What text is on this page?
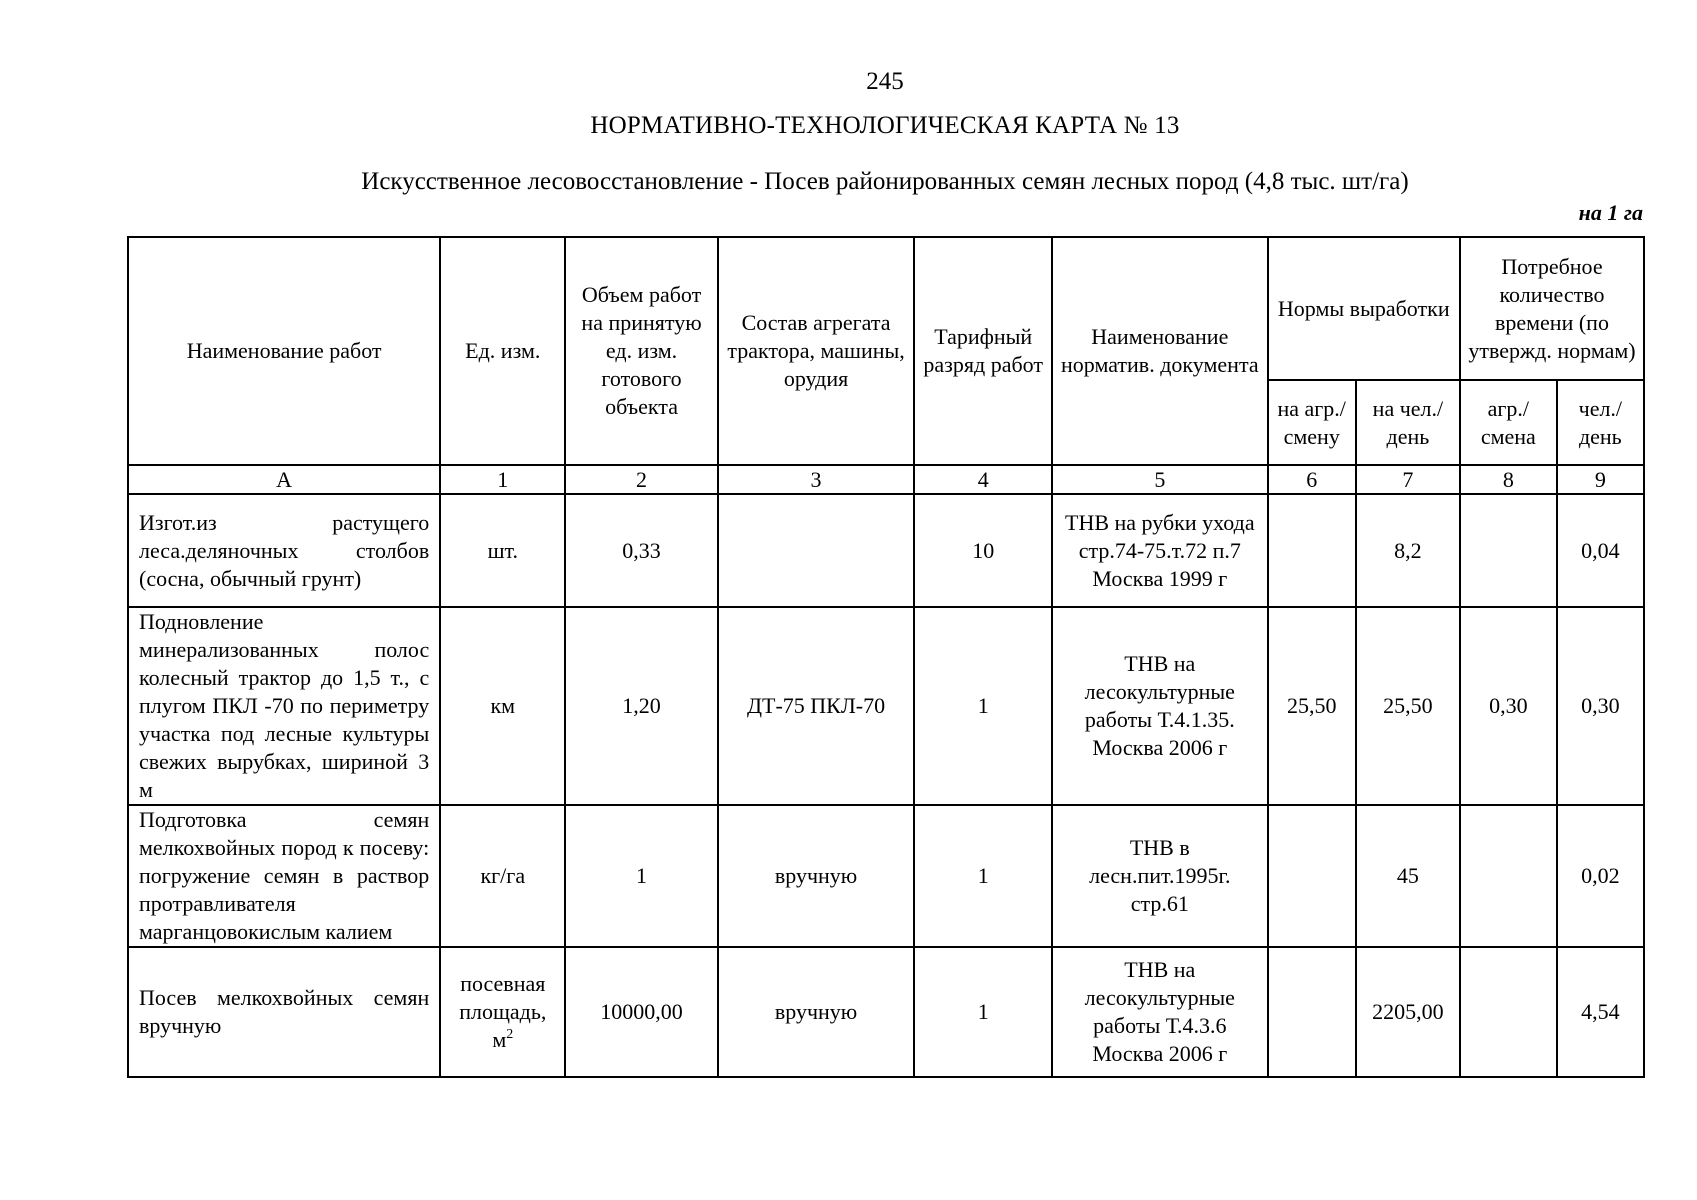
245
НОРМАТИВНО-ТЕХНОЛОГИЧЕСКАЯ КАРТА № 13
Искусственное лесовосстановление - Посев районированных семян лесных пород (4,8 тыс. шт/га)
на 1 га
Наименование работ	Ед. изм.	Объем работ на принятую ед. изм. готового объекта	Состав агрегата трактора, машины, орудия	Тарифный разряд работ	Наименование норматив. документа	Нормы выработки		Потребное количество времени (по утвержд. нормам)	
						на агр./ смену	на чел./ день	агр./ смена	чел./ день
А	1	2	3	4	5	6	7	8	9
Изгот.из растущего леса.деляночных столбов (сосна, обычный грунт)	шт.	0,33		10	ТНВ на рубки ухода стр.74-75.т.72 п.7 Москва 1999 г		8,2		0,04
Подновление минерализованных полос колесный трактор до 1,5 т., с плугом ПКЛ -70 по периметру участка под лесные культуры свежих вырубках, шириной 3 м	км	1,20	ДТ-75 ПКЛ-70	1	ТНВ на лесокультурные работы Т.4.1.35. Москва 2006 г	25,50	25,50	0,30	0,30
Подготовка семян мелкохвойных пород к посеву: погружение семян в раствор протравливателя марганцовокислым калием	кг/га	1	вручную	1	ТНВ в лесн.пит.1995г. стр.61		45		0,02
Посев мелкохвойных семян вручную	посевная площадь, $м^2$	10000,00	вручную	1	ТНВ на лесокультурные работы Т.4.3.6 Москва 2006 г		2205,00		4,54
